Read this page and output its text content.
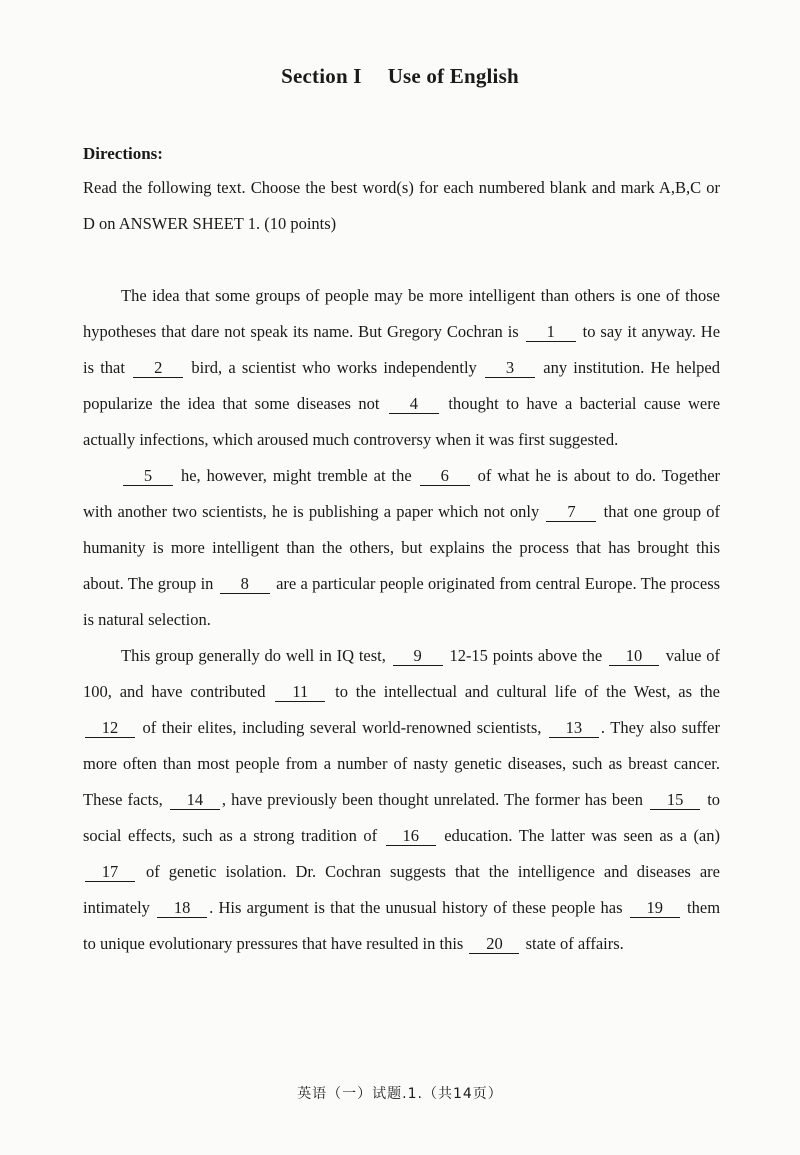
Section I Use of English
Directions:

Read the following text. Choose the best word(s) for each numbered blank and mark A,B,C or D on ANSWER SHEET 1. (10 points)

The idea that some groups of people may be more intelligent than others is one of those hypotheses that dare not speak its name. But Gregory Cochran is 1 to say it anyway. He is that 2 bird, a scientist who works independently 3 any institution. He helped popularize the idea that some diseases not 4 thought to have a bacterial cause were actually infections, which aroused much controversy when it was first suggested.

5 he, however, might tremble at the 6 of what he is about to do. Together with another two scientists, he is publishing a paper which not only 7 that one group of humanity is more intelligent than the others, but explains the process that has brought this about. The group in 8 are a particular people originated from central Europe. The process is natural selection.

This group generally do well in IQ test, 9 12-15 points above the 10 value of 100, and have contributed 11 to the intellectual and cultural life of the West, as the 12 of their elites, including several world-renowned scientists, 13 . They also suffer more often than most people from a number of nasty genetic diseases, such as breast cancer. These facts, 14 , have previously been thought unrelated. The former has been 15 to social effects, such as a strong tradition of 16 education. The latter was seen as a (an) 17 of genetic isolation. Dr. Cochran suggests that the intelligence and diseases are intimately 18 . His argument is that the unusual history of these people has 19 them to unique evolutionary pressures that have resulted in this 20 state of affairs.

英语（一）试题.1.（共14页）
